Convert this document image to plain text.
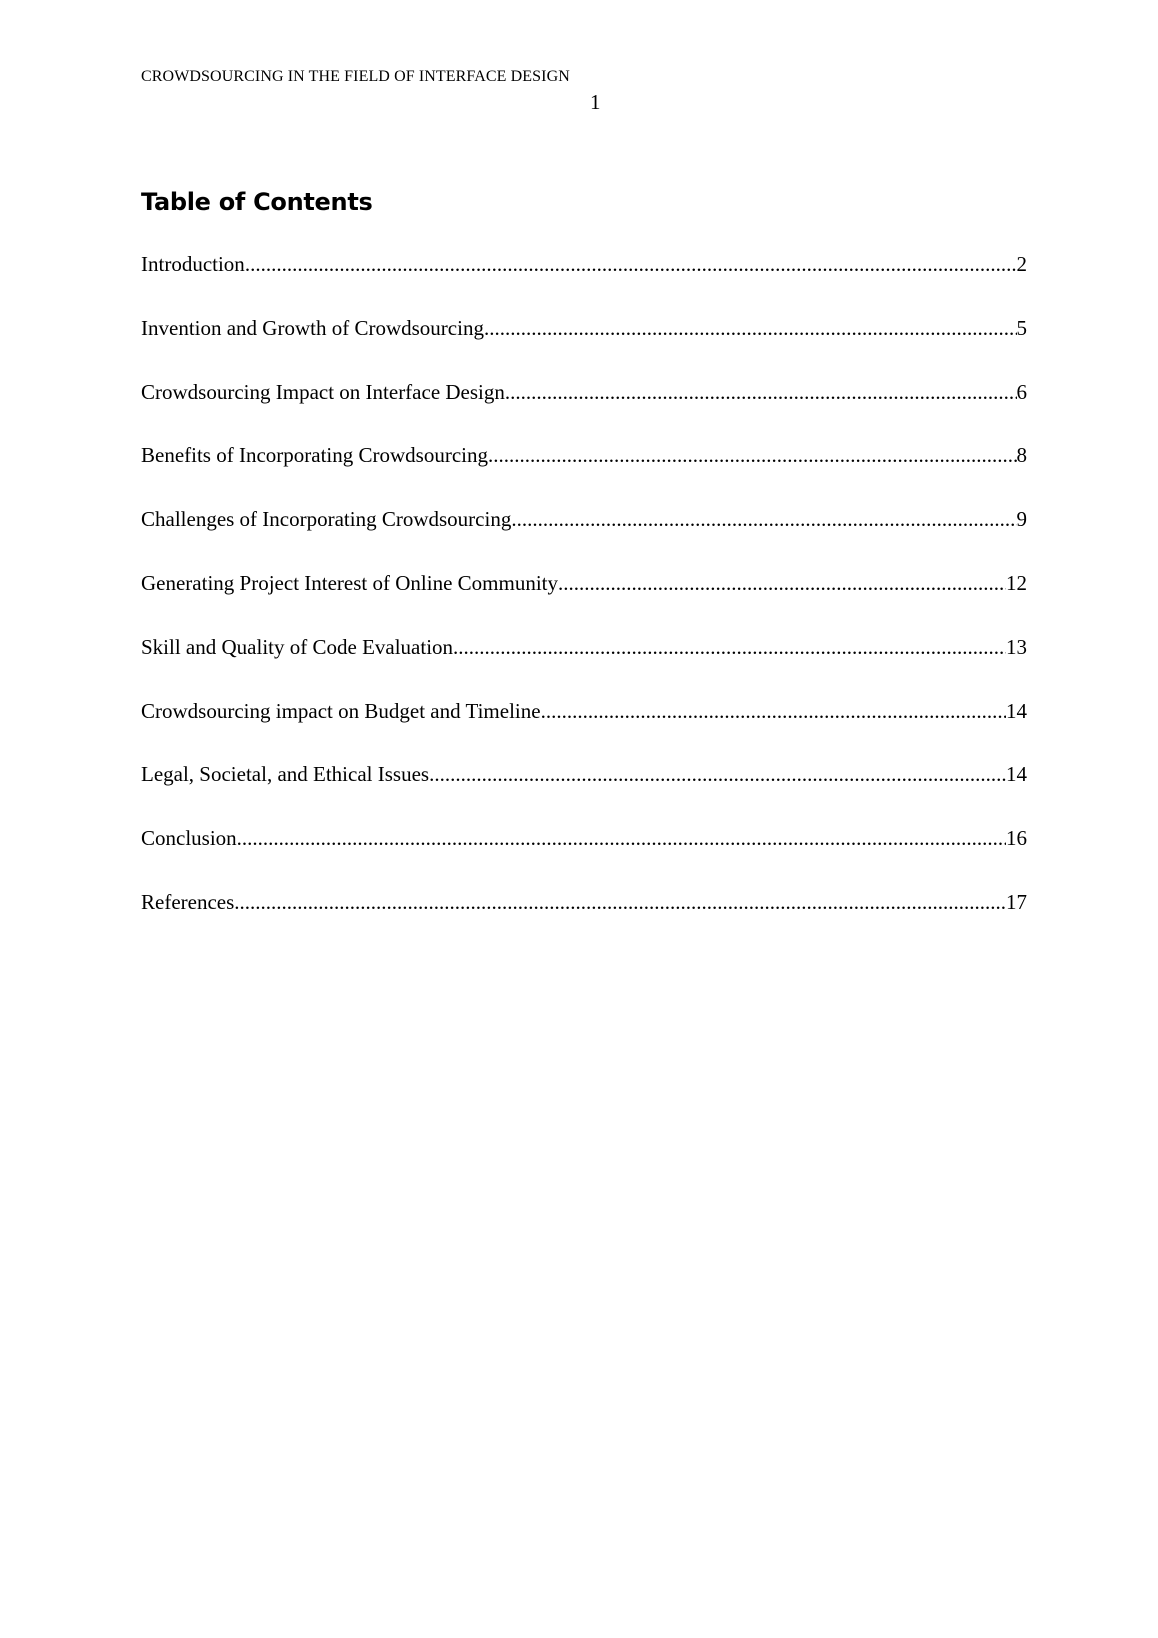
CROWDSOURCING IN THE FIELD OF INTERFACE DESIGN
1
Table of Contents
Introduction .....	2
Invention and Growth of Crowdsourcing .....	5
Crowdsourcing Impact on Interface Design .....	6
Benefits of Incorporating Crowdsourcing .....	8
Challenges of Incorporating Crowdsourcing .....	9
Generating Project Interest of Online Community .....	12
Skill and Quality of Code Evaluation .....	13
Crowdsourcing impact on Budget and Timeline .....	14
Legal, Societal, and Ethical Issues .....	14
Conclusion .....	16
References .....	17
